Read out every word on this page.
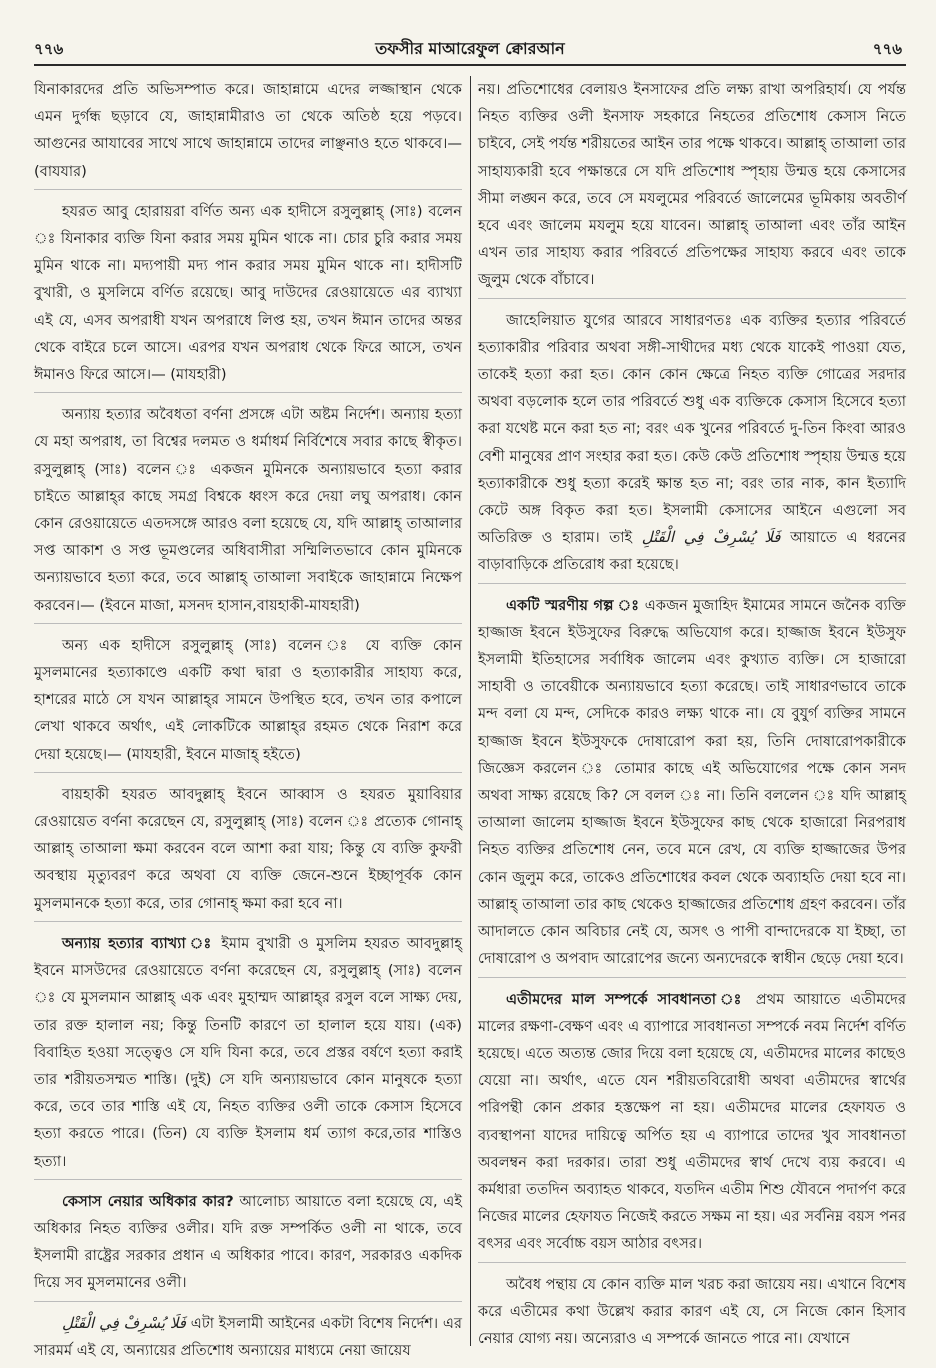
৭৭৬	তফসীর মাআরেফুল ক্বোরআন	৭৭৬

যিনাকারদের প্রতি অভিসম্পাত করে। জাহান্নামে এদের লজ্জাস্থান থেকে এমন দুর্গন্ধ ছড়াবে যে, জাহান্নামীরাও তা থেকে অতিষ্ঠ হয়ে পড়বে। আগুনের আযাবের সাথে সাথে জাহান্নামে তাদের লাঞ্ছনাও হতে থাকবে।—(বাযযার)

হযরত আবু হোরায়রা বর্ণিত অন্য এক হাদীসে রসুলুল্লাহ্ (সাঃ) বলেন ঃ যিনাকার ব্যক্তি যিনা করার সময় মুমিন থাকে না। চোর চুরি করার সময় মুমিন থাকে না। মদ্যপায়ী মদ্য পান করার সময় মুমিন থাকে না। হাদীসটি বুখারী, ও মুসলিমে বর্ণিত রয়েছে। আবু দাউদের রেওয়ায়েতে এর ব্যাখ্যা এই যে, এসব অপরাধী যখন অপরাধে লিপ্ত হয়, তখন ঈমান তাদের অন্তর থেকে বাইরে চলে আসে। এরপর যখন অপরাধ থেকে ফিরে আসে, তখন ঈমানও ফিরে আসে।— (মাযহারী)

অন্যায় হত্যার অবৈধতা বর্ণনা প্রসঙ্গে এটা অষ্টম নির্দেশ। অন্যায় হত্যা যে মহা অপরাধ, তা বিশ্বের দলমত ও ধর্মাধর্ম নির্বিশেষে সবার কাছে স্বীকৃত। রসুলুল্লাহ্ (সাঃ) বলেন ঃ একজন মুমিনকে অন্যায়ভাবে হত্যা করার চাইতে আল্লাহ্‌র কাছে সমগ্র বিশ্বকে ধ্বংস করে দেয়া লঘু অপরাধ। কোন কোন রেওয়ায়েতে এতদসঙ্গে আরও বলা হয়েছে যে, যদি আল্লাহ্ তাআলার সপ্ত আকাশ ও সপ্ত ভূমণ্ডলের অধিবাসীরা সম্মিলিতভাবে কোন মুমিনকে অন্যায়ভাবে হত্যা করে, তবে আল্লাহ্ তাআলা সবাইকে জাহান্নামে নিক্ষেপ করবেন।— (ইবনে মাজা, মসনদ হাসান,বায়হাকী-মাযহারী)

অন্য এক হাদীসে রসুলুল্লাহ্ (সাঃ) বলেন ঃ যে ব্যক্তি কোন মুসলমানের হত্যাকাণ্ডে একটি কথা দ্বারা ও হত্যাকারীর সাহায্য করে, হাশরের মাঠে সে যখন আল্লাহ্‌র সামনে উপস্থিত হবে, তখন তার কপালে লেখা থাকবে অর্থাৎ, এই লোকটিকে আল্লাহ্‌র রহমত থেকে নিরাশ করে দেয়া হয়েছে।— (মাযহারী, ইবনে মাজাহ্ হইতে)

বায়হাকী হযরত আবদুল্লাহ্ ইবনে আব্বাস ও হযরত মুয়াবিয়ার রেওয়ায়েত বর্ণনা করেছেন যে, রসুলুল্লাহ্ (সাঃ) বলেন ঃ প্রত্যেক গোনাহ্ আল্লাহ্ তাআলা ক্ষমা করবেন বলে আশা করা যায়; কিন্তু যে ব্যক্তি কুফরী অবস্থায় মৃত্যুবরণ করে অথবা যে ব্যক্তি জেনে-শুনে ইচ্ছাপূর্বক কোন মুসলমানকে হত্যা করে, তার গোনাহ্ ক্ষমা করা হবে না।

অন্যায় হত্যার ব্যাখ্যা ঃ ইমাম বুখারী ও মুসলিম হযরত আবদুল্লাহ্ ইবনে মাসউদের রেওয়ায়েতে বর্ণনা করেছেন যে, রসুলুল্লাহ্ (সাঃ) বলেন ঃ যে মুসলমান আল্লাহ্ এক এবং মুহাম্মদ আল্লাহ্‌র রসুল বলে সাক্ষ্য দেয়, তার রক্ত হালাল নয়; কিন্তু তিনটি কারণে তা হালাল হয়ে যায়। (এক) বিবাহিত হওয়া সত্ত্বেও সে যদি যিনা করে, তবে প্রস্তর বর্ষণে হত্যা করাই তার শরীয়তসম্মত শাস্তি। (দুই) সে যদি অন্যায়ভাবে কোন মানুষকে হত্যা করে, তবে তার শাস্তি এই যে, নিহত ব্যক্তির ওলী তাকে কেসাস হিসেবে হত্যা করতে পারে। (তিন) যে ব্যক্তি ইসলাম ধর্ম ত্যাগ করে,তার শাস্তিও হত্যা।

কেসাস নেয়ার অধিকার কার? আলোচ্য আয়াতে বলা হয়েছে যে, এই অধিকার নিহত ব্যক্তির ওলীর। যদি রক্ত সম্পর্কিত ওলী না থাকে, তবে ইসলামী রাষ্ট্রের সরকার প্রধান এ অধিকার পাবে। কারণ, সরকারও একদিক দিয়ে সব মুসলমানের ওলী।

فَلَا يُسْرِفْ فِي الْقَتْلِ এটা ইসলামী আইনের একটা বিশেষ নির্দেশ। এর সারমর্ম এই যে, অন্যায়ের প্রতিশোধ অন্যায়ের মাধ্যমে নেয়া জায়েয

নয়। প্রতিশোধের বেলায়ও ইনসাফের প্রতি লক্ষ্য রাখা অপরিহার্য। যে পর্যন্ত নিহত ব্যক্তির ওলী ইনসাফ সহকারে নিহতের প্রতিশোধ কেসাস নিতে চাইবে, সেই পর্যন্ত শরীয়তের আইন তার পক্ষে থাকবে। আল্লাহ্ তাআলা তার সাহায্যকারী হবে পক্ষান্তরে সে যদি প্রতিশোধ স্পৃহায় উন্মত্ত হয়ে কেসাসের সীমা লঙ্ঘন করে, তবে সে মযলুমের পরিবর্তে জালেমের ভূমিকায় অবতীর্ণ হবে এবং জালেম মযলুম হয়ে যাবেন। আল্লাহ্ তাআলা এবং তাঁর আইন এখন তার সাহায্য করার পরিবর্তে প্রতিপক্ষের সাহায্য করবে এবং তাকে জুলুম থেকে বাঁচাবে।

জাহেলিয়াত যুগের আরবে সাধারণতঃ এক ব্যক্তির হত্যার পরিবর্তে হত্যাকারীর পরিবার অথবা সঙ্গী-সাথীদের মধ্য থেকে যাকেই পাওয়া যেত, তাকেই হত্যা করা হত। কোন কোন ক্ষেত্রে নিহত ব্যক্তি গোত্রের সরদার অথবা বড়লোক হলে তার পরিবর্তে শুধু এক ব্যক্তিকে কেসাস হিসেবে হত্যা করা যথেষ্ট মনে করা হত না; বরং এক খুনের পরিবর্তে দু-তিন কিংবা আরও বেশী মানুষের প্রাণ সংহার করা হত। কেউ কেউ প্রতিশোধ স্পৃহায় উন্মত্ত হয়ে হত্যাকারীকে শুধু হত্যা করেই ক্ষান্ত হত না; বরং তার নাক, কান ইত্যাদি কেটে অঙ্গ বিকৃত করা হত। ইসলামী কেসাসের আইনে এগুলো সব অতিরিক্ত ও হারাম। তাই	فَلَا يُسْرِفْ فِي الْقَتْلِ	আয়াতে এ ধরনের বাড়াবাড়িকে প্রতিরোধ করা হয়েছে।

একটি স্মরণীয় গল্প ঃ একজন মুজাহিদ ইমামের সামনে জনৈক ব্যক্তি হাজ্জাজ ইবনে ইউসুফের বিরুদ্ধে অভিযোগ করে। হাজ্জাজ ইবনে ইউসুফ ইসলামী ইতিহাসের সর্বাধিক জালেম এবং কুখ্যাত ব্যক্তি। সে হাজারো সাহাবী ও তাবেয়ীকে অন্যায়ভাবে হত্যা করেছে। তাই সাধারণভাবে তাকে মন্দ বলা যে মন্দ, সেদিকে কারও লক্ষ্য থাকে না। যে বুযুর্গ ব্যক্তির সামনে হাজ্জাজ ইবনে ইউসুফকে দোষারোপ করা হয়, তিনি দোষারোপকারীকে জিজ্ঞেস করলেন ঃ তোমার কাছে এই অভিযোগের পক্ষে কোন সনদ অথবা সাক্ষ্য রয়েছে কি? সে বলল ঃ না। তিনি বললেন ঃ যদি আল্লাহ্ তাআলা জালেম হাজ্জাজ ইবনে ইউসুফের কাছ থেকে হাজারো নিরপরাধ নিহত ব্যক্তির প্রতিশোধ নেন, তবে মনে রেখ, যে ব্যক্তি হাজ্জাজের উপর কোন জুলুম করে, তাকেও প্রতিশোধের কবল থেকে অব্যাহতি দেয়া হবে না। আল্লাহ্ তাআলা তার কাছ থেকেও হাজ্জাজের প্রতিশোধ গ্রহণ করবেন। তাঁর আদালতে কোন অবিচার নেই যে, অসৎ ও পাপী বান্দাদেরকে যা ইচ্ছা, তা দোষারোপ ও অপবাদ আরোপের জন্যে অন্যদেরকে স্বাধীন ছেড়ে দেয়া হবে।

এতীমদের মাল সম্পর্কে সাবধানতা ঃ প্রথম আয়াতে এতীমদের মালের রক্ষণা-বেক্ষণ এবং এ ব্যাপারে সাবধানতা সম্পর্কে নবম নির্দেশ বর্ণিত হয়েছে। এতে অত্যন্ত জোর দিয়ে বলা হয়েছে যে, এতীমদের মালের কাছেও যেয়ো না। অর্থাৎ, এতে যেন শরীয়তবিরোধী অথবা এতীমদের স্বার্থের পরিপন্থী কোন প্রকার হস্তক্ষেপ না হয়। এতীমদের মালের হেফাযত ও ব্যবস্থাপনা যাদের দায়িত্বে অর্পিত হয় এ ব্যাপারে তাদের খুব সাবধানতা অবলম্বন করা দরকার। তারা শুধু এতীমদের স্বার্থ দেখে ব্যয় করবে। এ কর্মধারা ততদিন অব্যাহত থাকবে, যতদিন এতীম শিশু যৌবনে পদার্পণ করে নিজের মালের হেফাযত নিজেই করতে সক্ষম না হয়। এর সর্বনিম্ন বয়স পনর বৎসর এবং সর্বোচ্চ বয়স আঠার বৎসর।

অবৈধ পন্থায় যে কোন ব্যক্তি মাল খরচ করা জায়েয নয়। এখানে বিশেষ করে এতীমের কথা উল্লেখ করার কারণ এই যে, সে নিজে কোন হিসাব নেয়ার যোগ্য নয়। অন্যেরাও এ সম্পর্কে জানতে পারে না। যেখানে
